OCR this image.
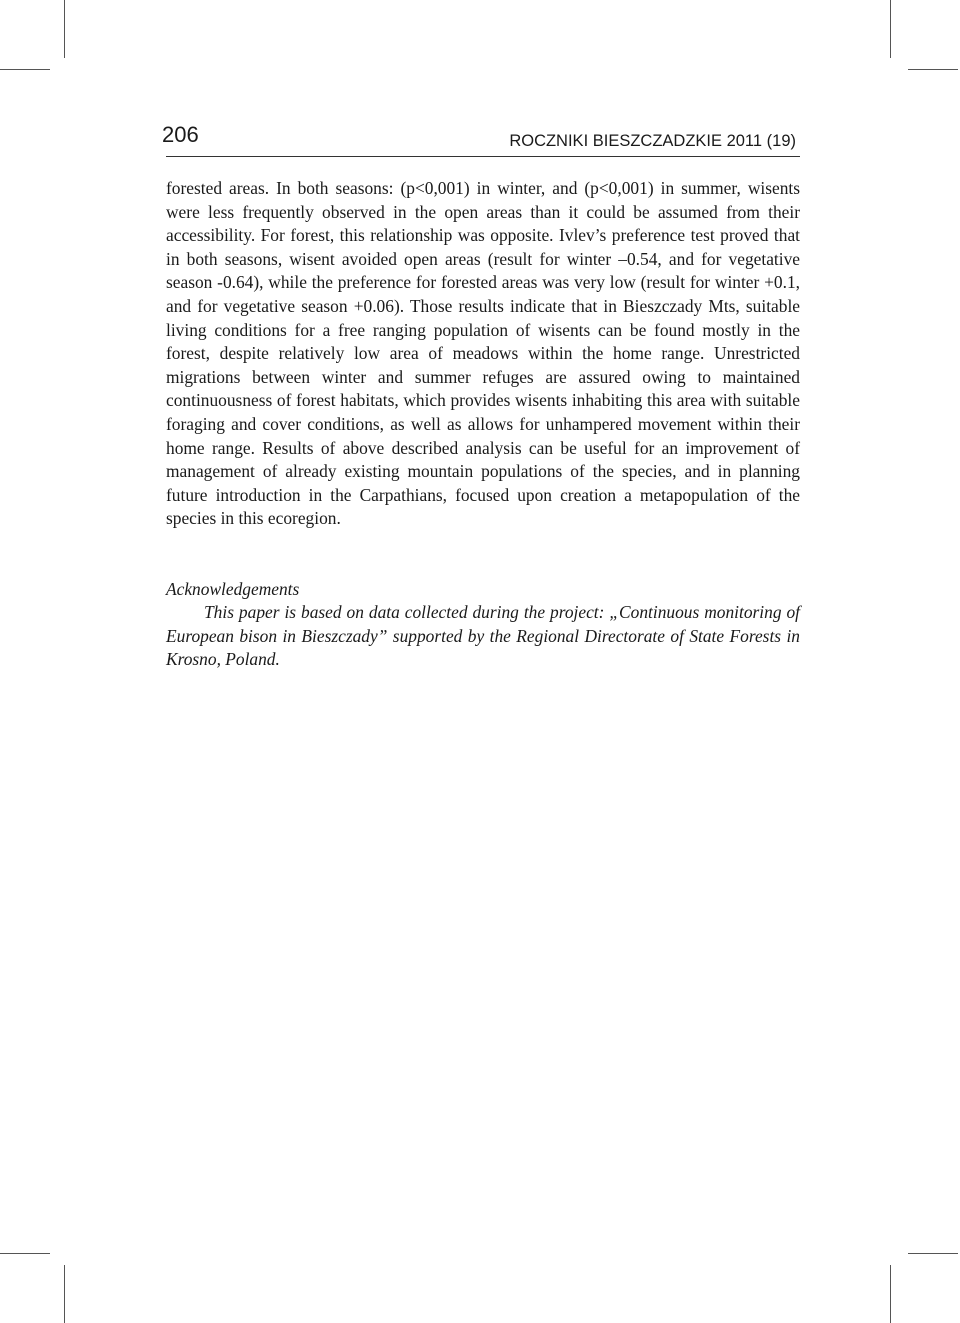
206	ROCZNIKI BIESZCZADZKIE 2011 (19)

forested areas. In both seasons: (p<0,001) in winter, and (p<0,001) in summer, wisents were less frequently observed in the open areas than it could be assumed from their accessibility. For forest, this relationship was opposite. Ivlev’s preference test proved that in both seasons, wisent avoided open areas (result for winter –0.54, and for vegetative season -0.64), while the preference for forested areas was very low (result for winter +0.1, and for vegetative season +0.06). Those results indicate that in Bieszczady Mts, suitable living conditions for a free ranging population of wisents can be found mostly in the forest, despite relatively low area of meadows within the home range. Unrestricted migrations between winter and summer refuges are assured owing to maintained continuousness of forest habitats, which provides wisents inhabiting this area with suitable foraging and cover conditions, as well as allows for unhampered movement within their home range. Results of above described analysis can be useful for an improvement of management of already existing mountain populations of the species, and in planning future introduction in the Carpathians, focused upon creation a metapopulation of the species in this ecoregion.

Acknowledgements

This paper is based on data collected during the project: „Continuous monitoring of European bison in Bieszczady” supported by the Regional Directorate of State Forests in Krosno, Poland.
